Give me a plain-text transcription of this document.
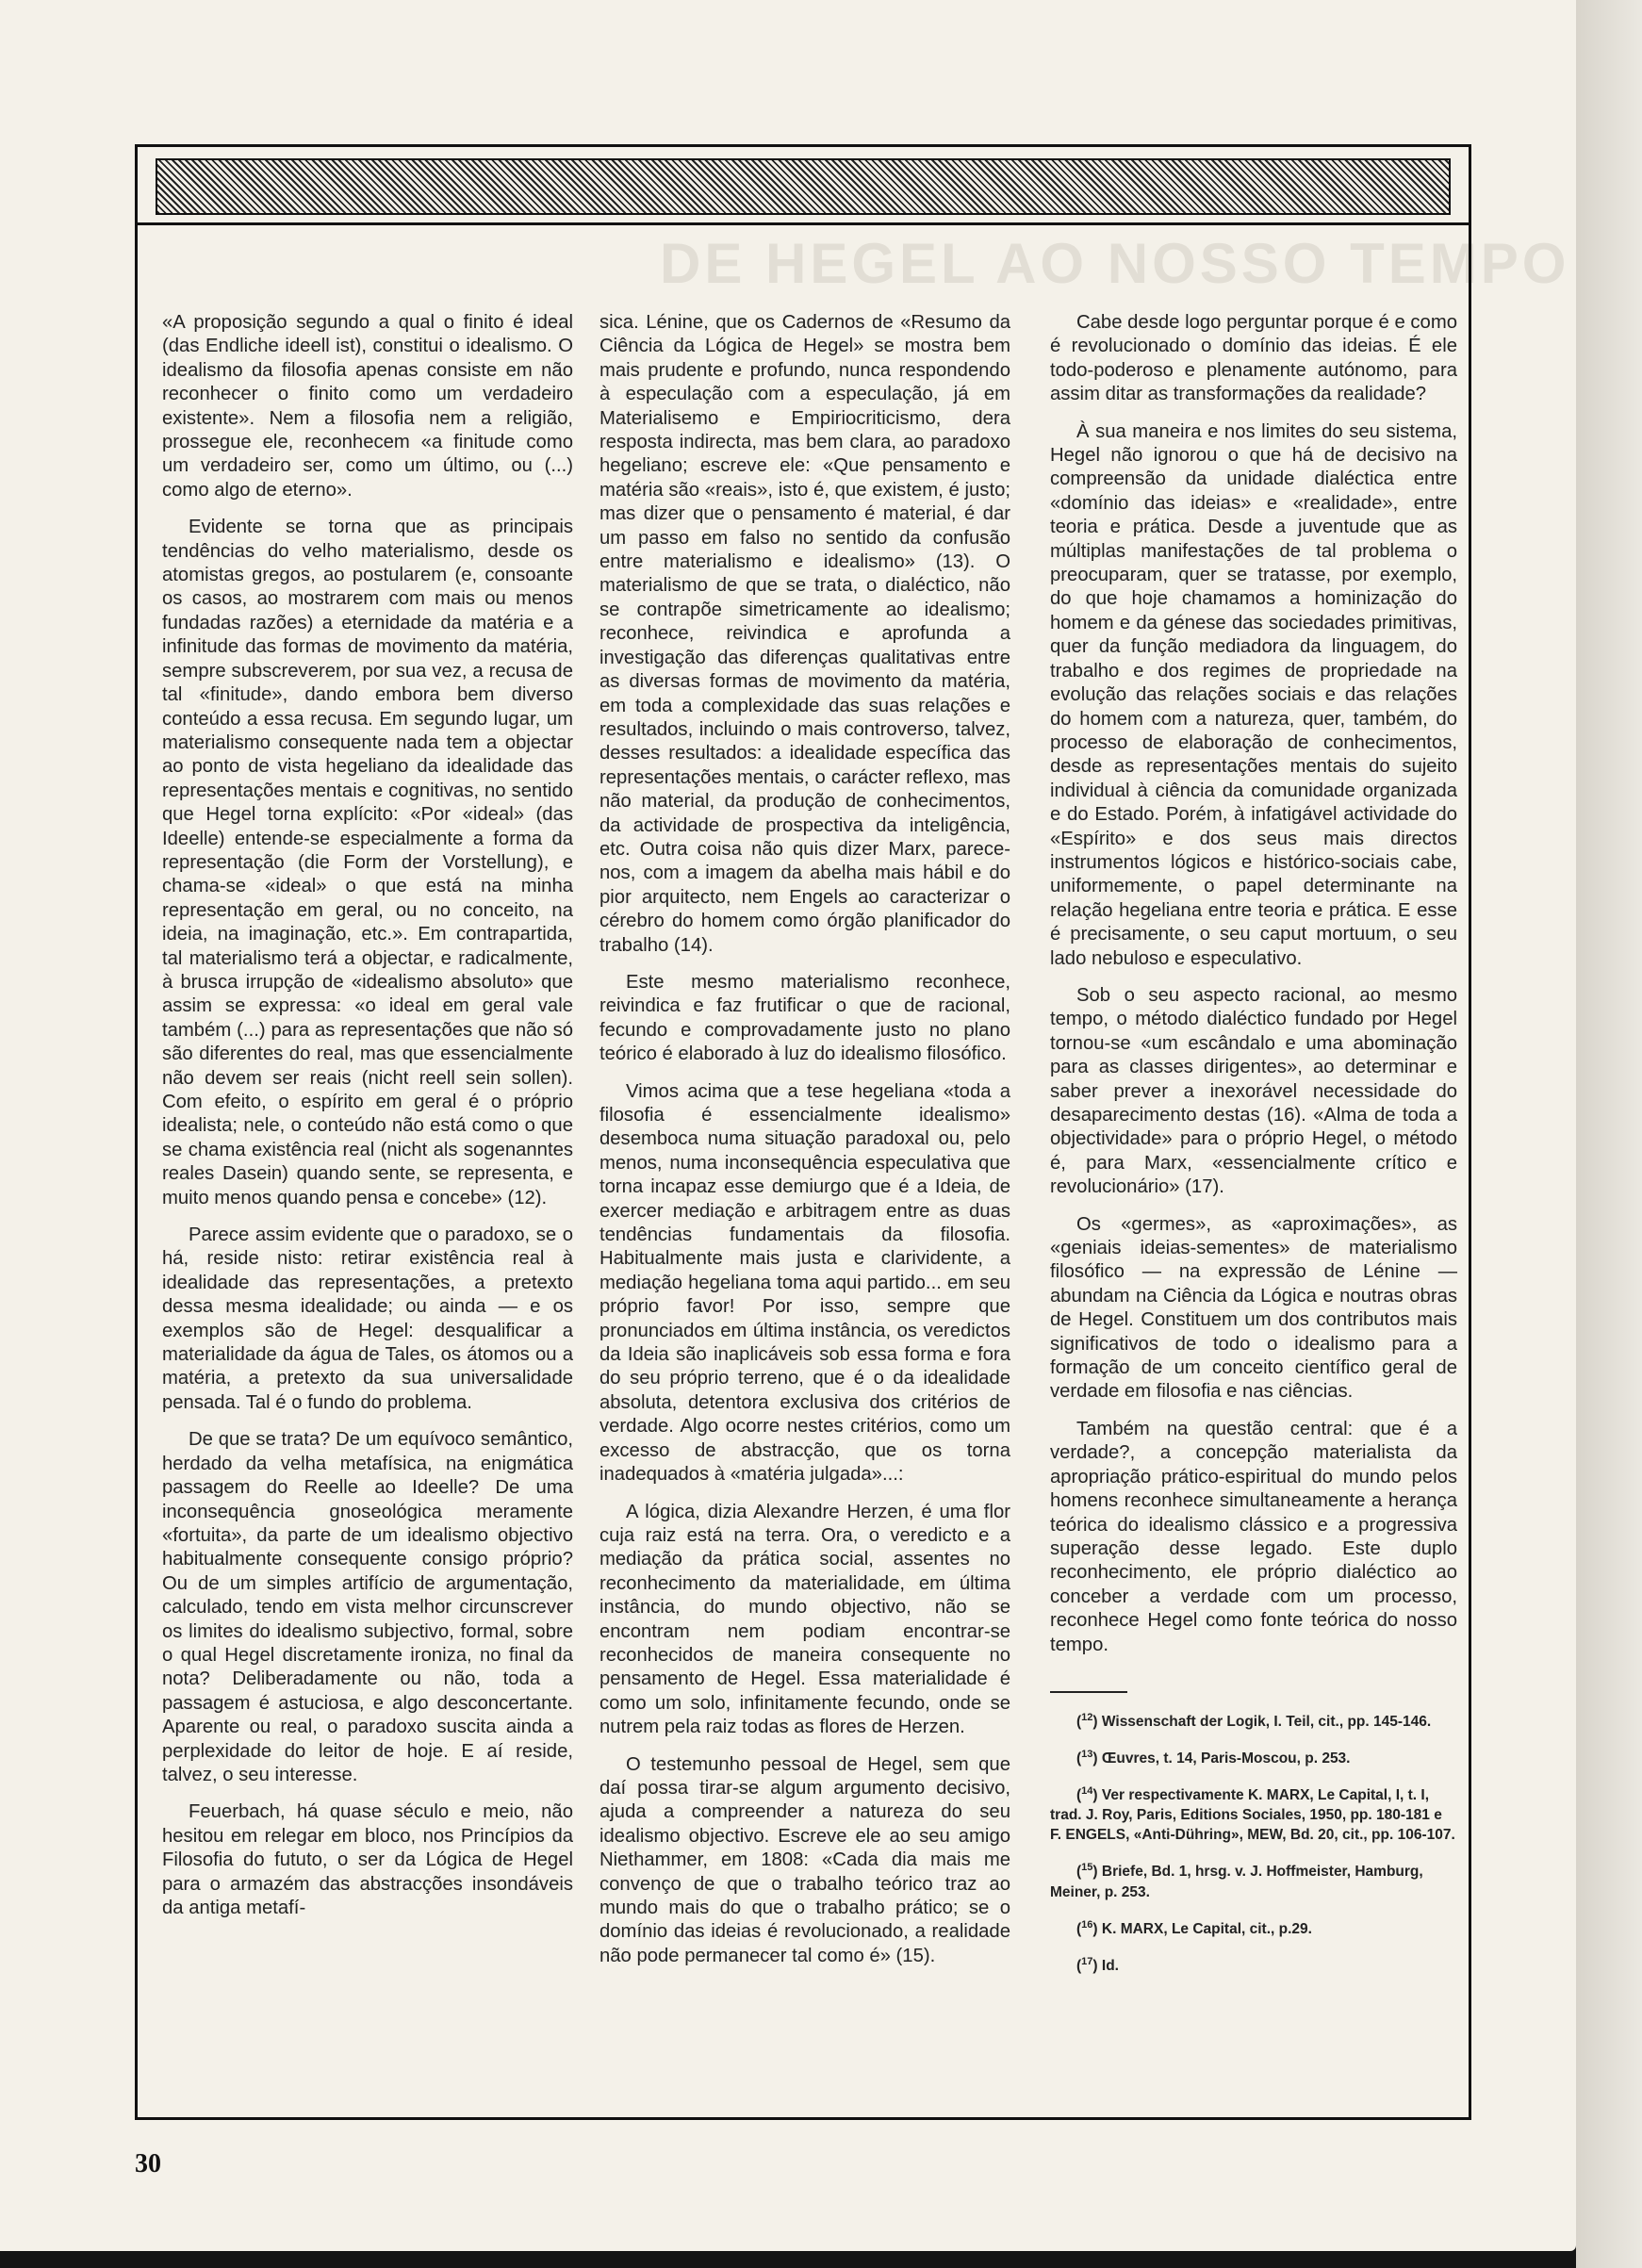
DE HEGEL AO NOSSO TEMPO

«A proposição segundo a qual o finito é ideal (das Endliche ideell ist), constitui o idealismo. O idealismo da filosofia apenas consiste em não reconhecer o finito como um verdadeiro existente». Nem a filosofia nem a religião, prossegue ele, reconhecem «a finitude como um verdadeiro ser, como um último, ou (...) como algo de eterno».

Evidente se torna que as principais tendências do velho materialismo, desde os atomistas gregos, ao postularem (e, consoante os casos, ao mostrarem com mais ou menos fundadas razões) a eternidade da matéria e a infinitude das formas de movimento da matéria, sempre subscreverem, por sua vez, a recusa de tal «finitude», dando embora bem diverso conteúdo a essa recusa. Em segundo lugar, um materialismo consequente nada tem a objectar ao ponto de vista hegeliano da idealidade das representações mentais e cognitivas, no sentido que Hegel torna explícito: «Por «ideal» (das Ideelle) entende-se especialmente a forma da representação (die Form der Vorstellung), e chama-se «ideal» o que está na minha representação em geral, ou no conceito, na ideia, na imaginação, etc.». Em contrapartida, tal materialismo terá a objectar, e radicalmente, à brusca irrupção de «idealismo absoluto» que assim se expressa: «o ideal em geral vale também (...) para as representações que não só são diferentes do real, mas que essencialmente não devem ser reais (nicht reell sein sollen). Com efeito, o espírito em geral é o próprio idealista; nele, o conteúdo não está como o que se chama existência real (nicht als sogenanntes reales Dasein) quando sente, se representa, e muito menos quando pensa e concebe» (12).

Parece assim evidente que o paradoxo, se o há, reside nisto: retirar existência real à idealidade das representações, a pretexto dessa mesma idealidade; ou ainda — e os exemplos são de Hegel: desqualificar a materialidade da água de Tales, os átomos ou a matéria, a pretexto da sua universalidade pensada. Tal é o fundo do problema.

De que se trata? De um equívoco semântico, herdado da velha metafísica, na enigmática passagem do Reelle ao Ideelle? De uma inconsequência gnoseológica meramente «fortuita», da parte de um idealismo objectivo habitualmente consequente consigo próprio? Ou de um simples artifício de argumentação, calculado, tendo em vista melhor circunscrever os limites do idealismo subjectivo, formal, sobre o qual Hegel discretamente ironiza, no final da nota? Deliberadamente ou não, toda a passagem é astuciosa, e algo desconcertante. Aparente ou real, o paradoxo suscita ainda a perplexidade do leitor de hoje. E aí reside, talvez, o seu interesse.

Feuerbach, há quase século e meio, não hesitou em relegar em bloco, nos Princípios da Filosofia do fututo, o ser da Lógica de Hegel para o armazém das abstracções insondáveis da antiga metafí-

sica. Lénine, que os Cadernos de «Resumo da Ciência da Lógica de Hegel» se mostra bem mais prudente e profundo, nunca respondendo à especulação com a especulação, já em Materialisemo e Empiriocriticismo, dera resposta indirecta, mas bem clara, ao paradoxo hegeliano; escreve ele: «Que pensamento e matéria são «reais», isto é, que existem, é justo; mas dizer que o pensamento é material, é dar um passo em falso no sentido da confusão entre materialismo e idealismo» (13). O materialismo de que se trata, o dialéctico, não se contrapõe simetricamente ao idealismo; reconhece, reivindica e aprofunda a investigação das diferenças qualitativas entre as diversas formas de movimento da matéria, em toda a complexidade das suas relações e resultados, incluindo o mais controverso, talvez, desses resultados: a idealidade específica das representações mentais, o carácter reflexo, mas não material, da produção de conhecimentos, da actividade de prospectiva da inteligência, etc. Outra coisa não quis dizer Marx, parece-nos, com a imagem da abelha mais hábil e do pior arquitecto, nem Engels ao caracterizar o cérebro do homem como órgão planificador do trabalho (14).

Este mesmo materialismo reconhece, reivindica e faz frutificar o que de racional, fecundo e comprovadamente justo no plano teórico é elaborado à luz do idealismo filosófico.

Vimos acima que a tese hegeliana «toda a filosofia é essencialmente idealismo» desemboca numa situação paradoxal ou, pelo menos, numa inconsequência especulativa que torna incapaz esse demiurgo que é a Ideia, de exercer mediação e arbitragem entre as duas tendências fundamentais da filosofia. Habitualmente mais justa e clarividente, a mediação hegeliana toma aqui partido... em seu próprio favor! Por isso, sempre que pronunciados em última instância, os veredictos da Ideia são inaplicáveis sob essa forma e fora do seu próprio terreno, que é o da idealidade absoluta, detentora exclusiva dos critérios de verdade. Algo ocorre nestes critérios, como um excesso de abstracção, que os torna inadequados à «matéria julgada»...:

A lógica, dizia Alexandre Herzen, é uma flor cuja raiz está na terra. Ora, o veredicto e a mediação da prática social, assentes no reconhecimento da materialidade, em última instância, do mundo objectivo, não se encontram nem podiam encontrar-se reconhecidos de maneira consequente no pensamento de Hegel. Essa materialidade é como um solo, infinitamente fecundo, onde se nutrem pela raiz todas as flores de Herzen.

O testemunho pessoal de Hegel, sem que daí possa tirar-se algum argumento decisivo, ajuda a compreender a natureza do seu idealismo objectivo. Escreve ele ao seu amigo Niethammer, em 1808: «Cada dia mais me convenço de que o trabalho teórico traz ao mundo mais do que o trabalho prático; se o domínio das ideias é revolucionado, a realidade não pode permanecer tal como é» (15).

Cabe desde logo perguntar porque é e como é revolucionado o domínio das ideias. É ele todo-poderoso e plenamente autónomo, para assim ditar as transformações da realidade?

À sua maneira e nos limites do seu sistema, Hegel não ignorou o que há de decisivo na compreensão da unidade dialéctica entre «domínio das ideias» e «realidade», entre teoria e prática. Desde a juventude que as múltiplas manifestações de tal problema o preocuparam, quer se tratasse, por exemplo, do que hoje chamamos a hominização do homem e da génese das sociedades primitivas, quer da função mediadora da linguagem, do trabalho e dos regimes de propriedade na evolução das relações sociais e das relações do homem com a natureza, quer, também, do processo de elaboração de conhecimentos, desde as representações mentais do sujeito individual à ciência da comunidade organizada e do Estado. Porém, à infatigável actividade do «Espírito» e dos seus mais directos instrumentos lógicos e histórico-sociais cabe, uniformemente, o papel determinante na relação hegeliana entre teoria e prática. E esse é precisamente, o seu caput mortuum, o seu lado nebuloso e especulativo.

Sob o seu aspecto racional, ao mesmo tempo, o método dialéctico fundado por Hegel tornou-se «um escândalo e uma abominação para as classes dirigentes», ao determinar e saber prever a inexorável necessidade do desaparecimento destas (16). «Alma de toda a objectividade» para o próprio Hegel, o método é, para Marx, «essencialmente crítico e revolucionário» (17).

Os «germes», as «aproximações», as «geniais ideias-sementes» de materialismo filosófico — na expressão de Lénine — abundam na Ciência da Lógica e noutras obras de Hegel. Constituem um dos contributos mais significativos de todo o idealismo para a formação de um conceito científico geral de verdade em filosofia e nas ciências.

Também na questão central: que é a verdade?, a concepção materialista da apropriação prático-espiritual do mundo pelos homens reconhece simultaneamente a herança teórica do idealismo clássico e a progressiva superação desse legado. Este duplo reconhecimento, ele próprio dialéctico ao conceber a verdade com um processo, reconhece Hegel como fonte teórica do nosso tempo.

($^{12}$) Wissenschaft der Logik, I. Teil, cit., pp. 145-146.

($^{13}$) Œuvres, t. 14, Paris-Moscou, p. 253.

($^{14}$) Ver respectivamente K. MARX, Le Capital, I, t. I, trad. J. Roy, Paris, Editions Sociales, 1950, pp. 180-181 e F. ENGELS, «Anti-Dühring», MEW, Bd. 20, cit., pp. 106-107.

($^{15}$) Briefe, Bd. 1, hrsg. v. J. Hoffmeister, Hamburg, Meiner, p. 253.

($^{16}$) K. MARX, Le Capital, cit., p.29.

($^{17}$) Id.

30
